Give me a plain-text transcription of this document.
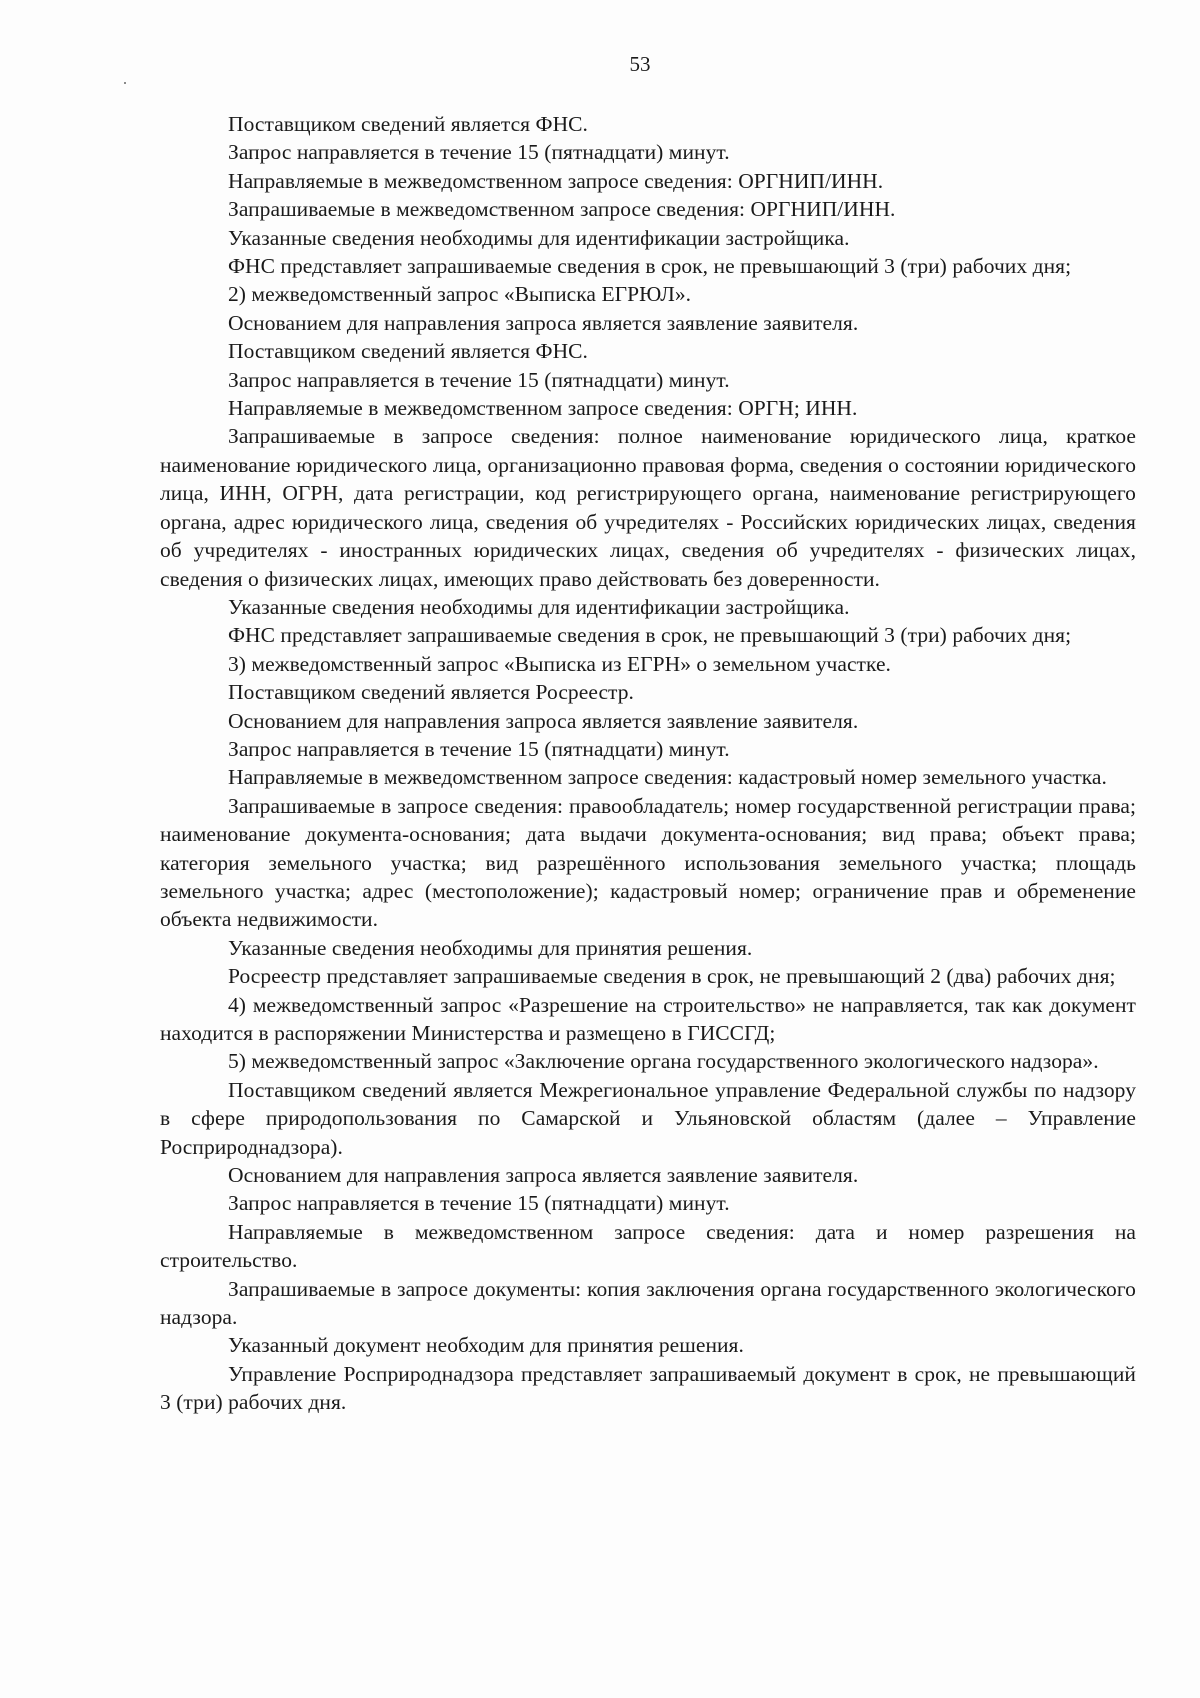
53

Поставщиком сведений является ФНС.

Запрос направляется в течение 15 (пятнадцати) минут.

Направляемые в межведомственном запросе сведения: ОРГНИП/ИНН.

Запрашиваемые в межведомственном запросе сведения: ОРГНИП/ИНН.

Указанные сведения необходимы для идентификации застройщика.

ФНС представляет запрашиваемые сведения в срок, не превышающий 3 (три) рабочих дня;

2) межведомственный запрос «Выписка ЕГРЮЛ».

Основанием для направления запроса является заявление заявителя.

Поставщиком сведений является ФНС.

Запрос направляется в течение 15 (пятнадцати) минут.

Направляемые в межведомственном запросе сведения: ОРГН; ИНН.

Запрашиваемые в запросе сведения: полное наименование юридического лица, краткое наименование юридического лица, организационно правовая форма, сведения о состоянии юридического лица, ИНН, ОГРН, дата регистрации, код регистрирующего органа, наименование регистрирующего органа, адрес юридического лица, сведения об учредителях - Российских юридических лицах, сведения об учредителях - иностранных юридических лицах, сведения об учредителях - физических лицах, сведения о физических лицах, имеющих право действовать без доверенности.

Указанные сведения необходимы для идентификации застройщика.

ФНС представляет запрашиваемые сведения в срок, не превышающий 3 (три) рабочих дня;

3) межведомственный запрос «Выписка из ЕГРН» о земельном участке.

Поставщиком сведений является Росреестр.

Основанием для направления запроса является заявление заявителя.

Запрос направляется в течение 15 (пятнадцати) минут.

Направляемые в межведомственном запросе сведения: кадастровый номер земельного участка.

Запрашиваемые в запросе сведения: правообладатель; номер государственной регистрации права; наименование документа-основания; дата выдачи документа-основания; вид права; объект права; категория земельного участка; вид разрешённого использования земельного участка; площадь земельного участка; адрес (местоположение); кадастровый номер; ограничение прав и обременение объекта недвижимости.

Указанные сведения необходимы для принятия решения.

Росреестр представляет запрашиваемые сведения в срок, не превышающий 2 (два) рабочих дня;

4) межведомственный запрос «Разрешение на строительство» не направляется, так как документ находится в распоряжении Министерства и размещено в ГИССГД;

5) межведомственный запрос «Заключение органа государственного экологического надзора».

Поставщиком сведений является Межрегиональное управление Федеральной службы по надзору в сфере природопользования по Самарской и Ульяновской областям (далее – Управление Росприроднадзора).

Основанием для направления запроса является заявление заявителя.

Запрос направляется в течение 15 (пятнадцати) минут.

Направляемые в межведомственном запросе сведения: дата и номер разрешения на строительство.

Запрашиваемые в запросе документы: копия заключения органа государственного экологического надзора.

Указанный документ необходим для принятия решения.

Управление Росприроднадзора представляет запрашиваемый документ в срок, не превышающий 3 (три) рабочих дня.
